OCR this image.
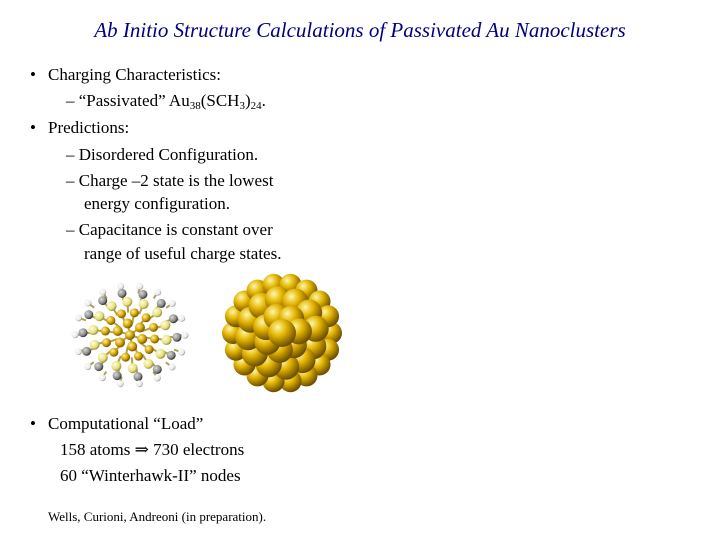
Ab Initio Structure Calculations of Passivated Au Nanoclusters
• Charging Characteristics:
– “Passivated” $Au_{38}(SCH_3)_{24}$.
• Predictions:
– Disordered Configuration.
– Charge –2 state is the lowest
energy configuration.
– Capacitance is constant over
range of useful charge states.
• Computational “Load”
158 atoms ⇒ 730 electrons
60 “Winterhawk-II” nodes
Wells, Curioni, Andreoni (in preparation).
